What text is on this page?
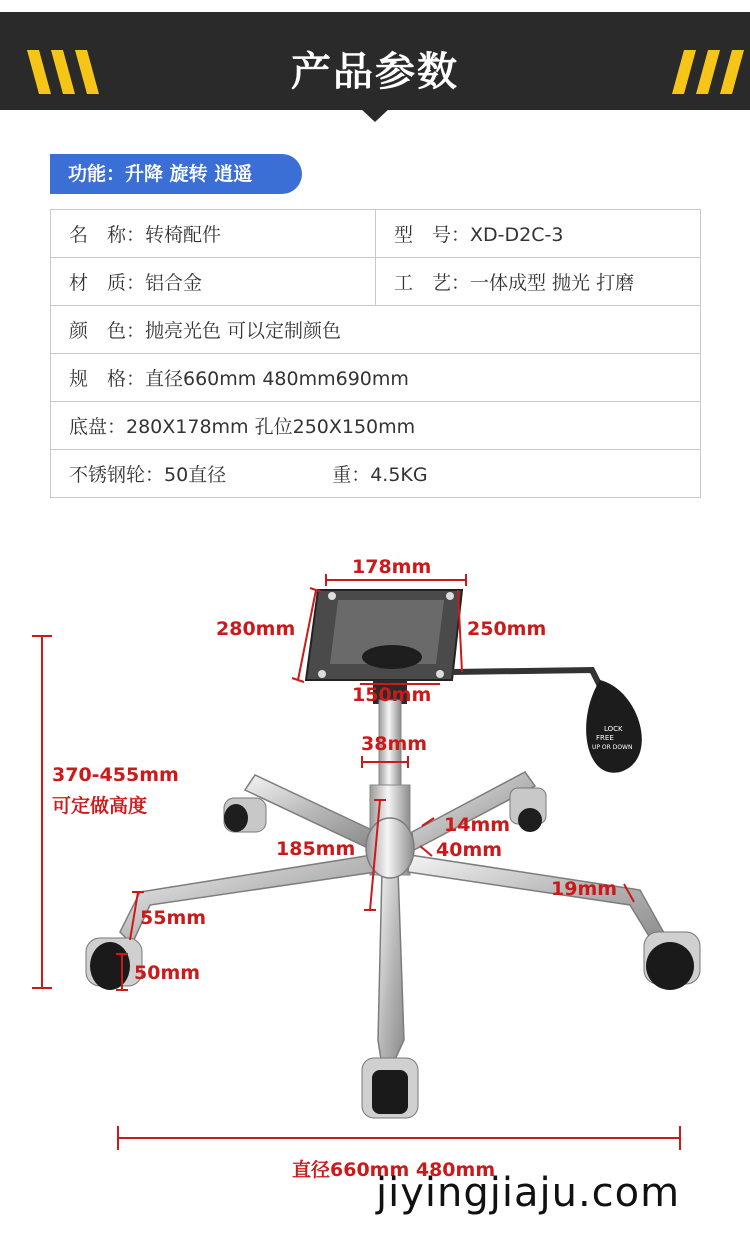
产品参数
功能：升降 旋转 逍遥
名　称：转椅配件	型　号：XD-D2C-3
材　质：铝合金	工　艺：一体成型 抛光 打磨
颜　色：抛亮光色 可以定制颜色	
规　格：直径660mm 480mm690mm	
底盘：280X178mm 孔位250X150mm	
不锈钢轮：50直径 重：4.5KG	
LOCK
FREE
UP OR DOWN
178mm
280mm	250mm
150mm
38mm
370-455mm
可定做高度
14mm
185mm	40mm
19mm
55mm
50mm
直径660mm 480mm
jiyingjiaju.com
